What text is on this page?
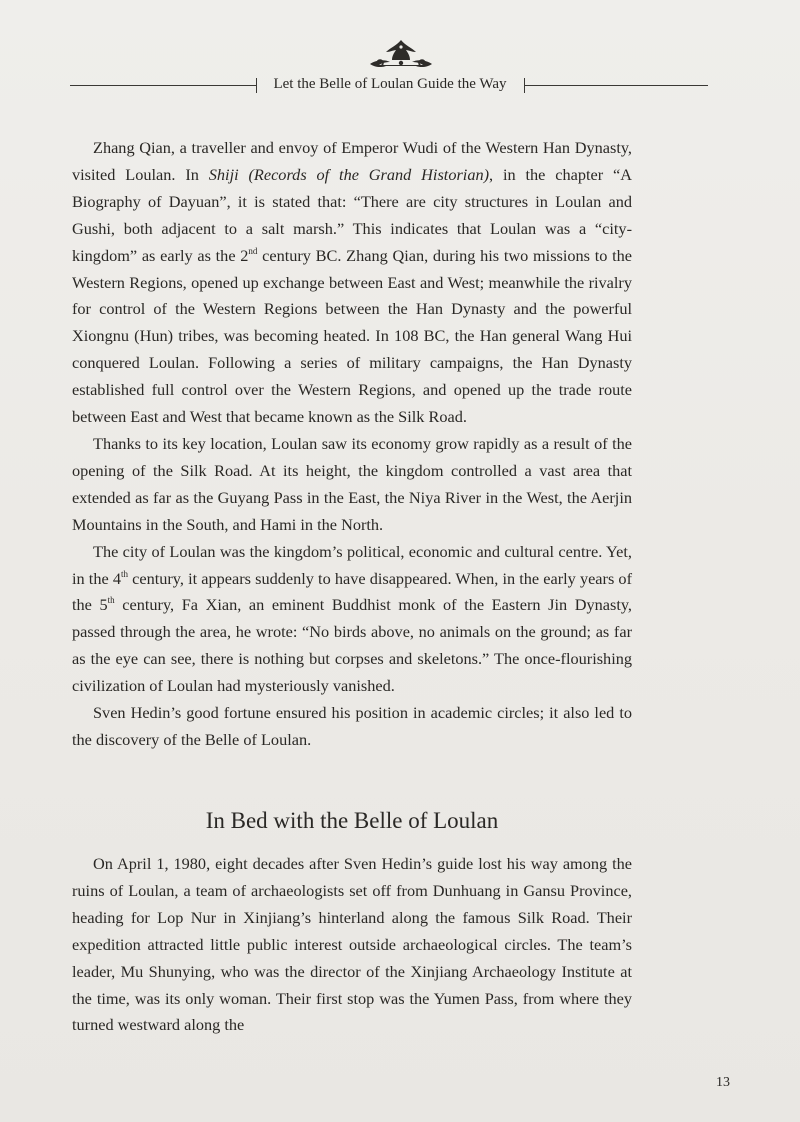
Let the Belle of Loulan Guide the Way

Zhang Qian, a traveller and envoy of Emperor Wudi of the Western Han Dynasty, visited Loulan. In Shiji (Records of the Grand Historian), in the chapter “A Biography of Dayuan”, it is stated that: “There are city structures in Loulan and Gushi, both adjacent to a salt marsh.” This indicates that Loulan was a “city-kingdom” as early as the 2nd century BC. Zhang Qian, during his two missions to the Western Regions, opened up exchange between East and West; meanwhile the rivalry for control of the Western Regions between the Han Dynasty and the powerful Xiongnu (Hun) tribes, was becoming heated. In 108 BC, the Han general Wang Hui conquered Loulan. Following a series of military campaigns, the Han Dynasty established full control over the Western Regions, and opened up the trade route between East and West that became known as the Silk Road.

Thanks to its key location, Loulan saw its economy grow rapidly as a result of the opening of the Silk Road. At its height, the kingdom controlled a vast area that extended as far as the Guyang Pass in the East, the Niya River in the West, the Aerjin Mountains in the South, and Hami in the North.

The city of Loulan was the kingdom’s political, economic and cultural centre. Yet, in the 4th century, it appears suddenly to have disappeared. When, in the early years of the 5th century, Fa Xian, an eminent Buddhist monk of the Eastern Jin Dynasty, passed through the area, he wrote: “No birds above, no animals on the ground; as far as the eye can see, there is nothing but corpses and skeletons.” The once-flourishing civilization of Loulan had mysteriously vanished.

Sven Hedin’s good fortune ensured his position in academic circles; it also led to the discovery of the Belle of Loulan.

In Bed with the Belle of Loulan

On April 1, 1980, eight decades after Sven Hedin’s guide lost his way among the ruins of Loulan, a team of archaeologists set off from Dunhuang in Gansu Province, heading for Lop Nur in Xinjiang’s hinterland along the famous Silk Road. Their expedition attracted little public interest outside archaeological circles. The team’s leader, Mu Shunying, who was the director of the Xinjiang Archaeology Institute at the time, was its only woman. Their first stop was the Yumen Pass, from where they turned westward along the

13
